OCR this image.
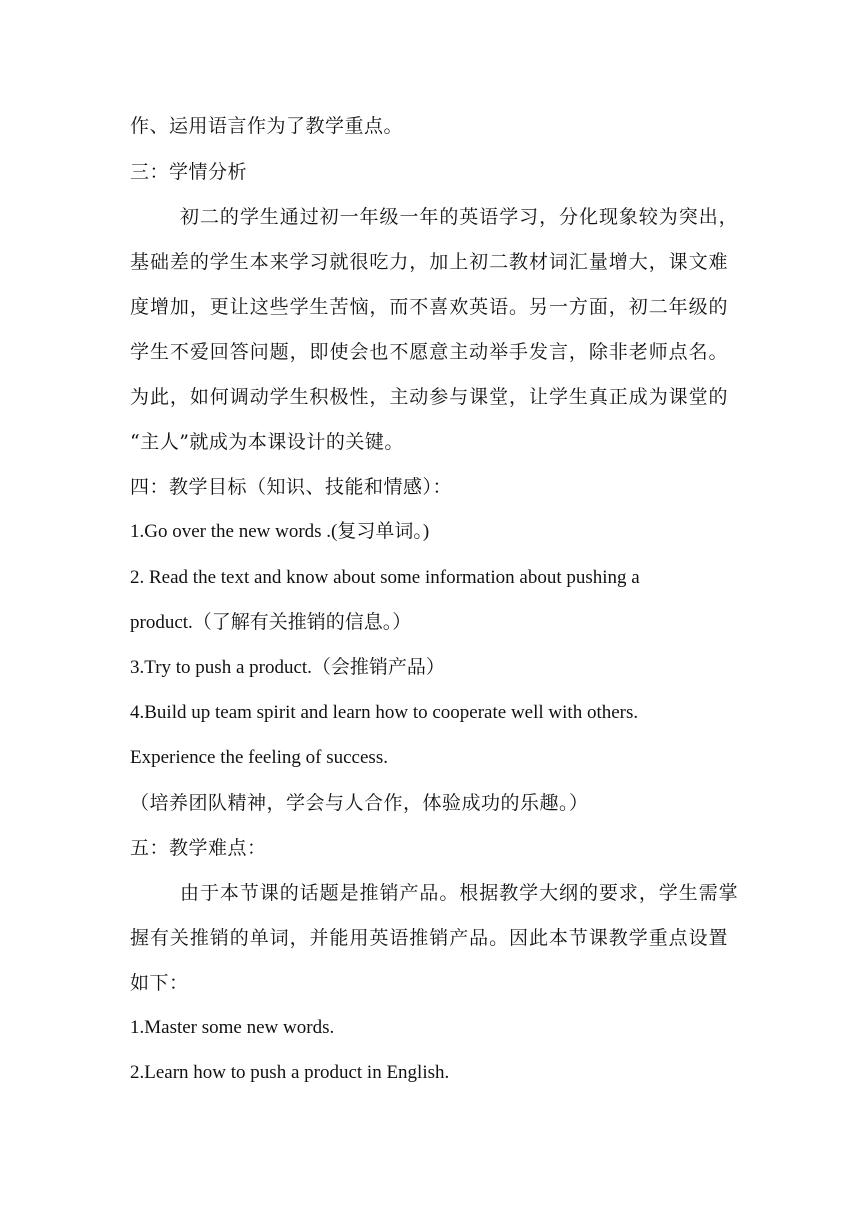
作、运用语言作为了教学重点。
三：学情分析
初二的学生通过初一年级一年的英语学习，分化现象较为突出，
基础差的学生本来学习就很吃力，加上初二教材词汇量增大，课文难
度增加，更让这些学生苦恼，而不喜欢英语。另一方面，初二年级的
学生不爱回答问题，即使会也不愿意主动举手发言，除非老师点名。
为此，如何调动学生积极性，主动参与课堂，让学生真正成为课堂的
“主人”就成为本课设计的关键。
四：教学目标（知识、技能和情感）：
1.Go over the new words .(复习单词。)
2. Read the text and know about some information about pushing a
product.（了解有关推销的信息。）
3.Try to push a product.（会推销产品）
4.Build up team spirit and learn how to cooperate well with others.
Experience the feeling of success.
（培养团队精神，学会与人合作，体验成功的乐趣。）
五：教学难点：
由于本节课的话题是推销产品。根据教学大纲的要求，学生需掌
握有关推销的单词，并能用英语推销产品。因此本节课教学重点设置
如下：
1.Master some new words.
2.Learn how to push a product in English.
